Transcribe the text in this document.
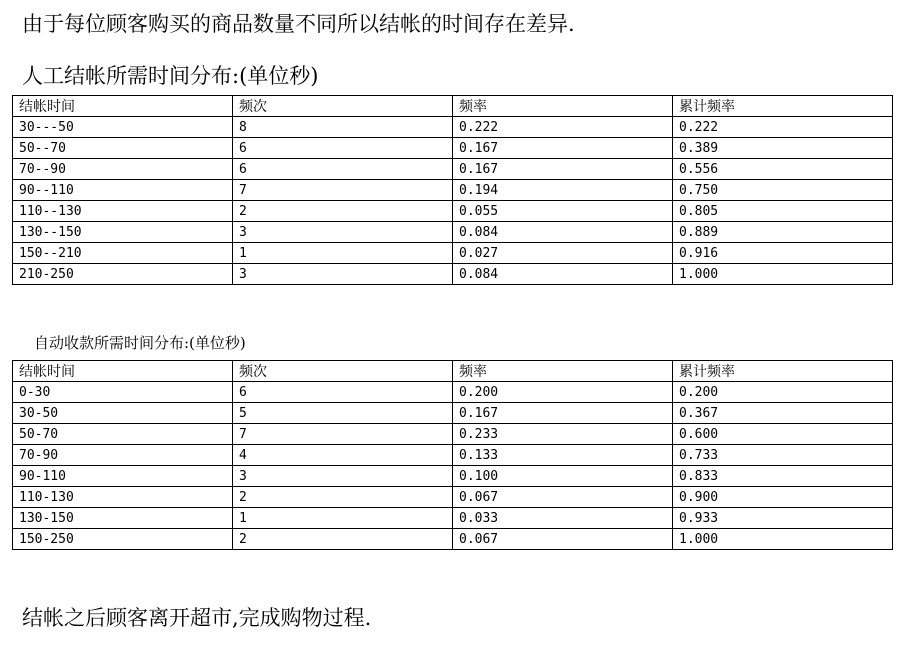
由于每位顾客购买的商品数量不同所以结帐的时间存在差异.
人工结帐所需时间分布:(单位秒)
结帐时间	频次	频率	累计频率
30---50	8	0.222	0.222
50--70	6	0.167	0.389
70--90	6	0.167	0.556
90--110	7	0.194	0.750
110--130	2	0.055	0.805
130--150	3	0.084	0.889
150--210	1	0.027	0.916
210-250	3	0.084	1.000
自动收款所需时间分布:(单位秒)
结帐时间	频次	频率	累计频率
0-30	6	0.200	0.200
30-50	5	0.167	0.367
50-70	7	0.233	0.600
70-90	4	0.133	0.733
90-110	3	0.100	0.833
110-130	2	0.067	0.900
130-150	1	0.033	0.933
150-250	2	0.067	1.000
结帐之后顾客离开超市,完成购物过程.
